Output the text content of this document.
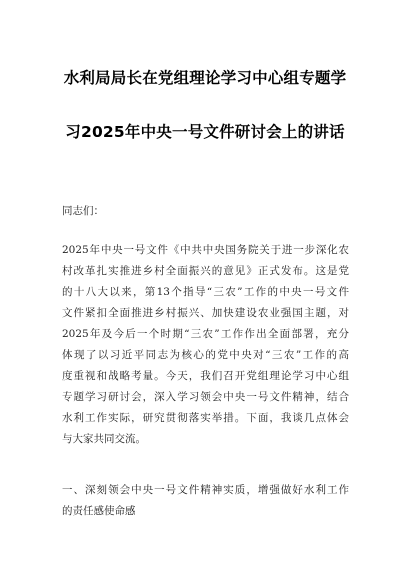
水利局局长在党组理论学习中心组专题学
习2025年中央一号文件研讨会上的讲话
同志们：
2025年中央一号文件《中共中央国务院关于进一步深化农
村改革扎实推进乡村全面振兴的意见》正式发布。这是党
的十八大以来，第13个指导“三农”工作的中央一号文件
文件紧扣全面推进乡村振兴、加快建设农业强国主题，对
2025年及今后一个时期“三农”工作作出全面部署，充分
体现了以习近平同志为核心的党中央对“三农”工作的高
度重视和战略考量。今天，我们召开党组理论学习中心组
专题学习研讨会，深入学习领会中央一号文件精神，结合
水利工作实际，研究贯彻落实举措。下面，我谈几点体会
与大家共同交流。
一、深刻领会中央一号文件精神实质，增强做好水利工作
的责任感使命感
